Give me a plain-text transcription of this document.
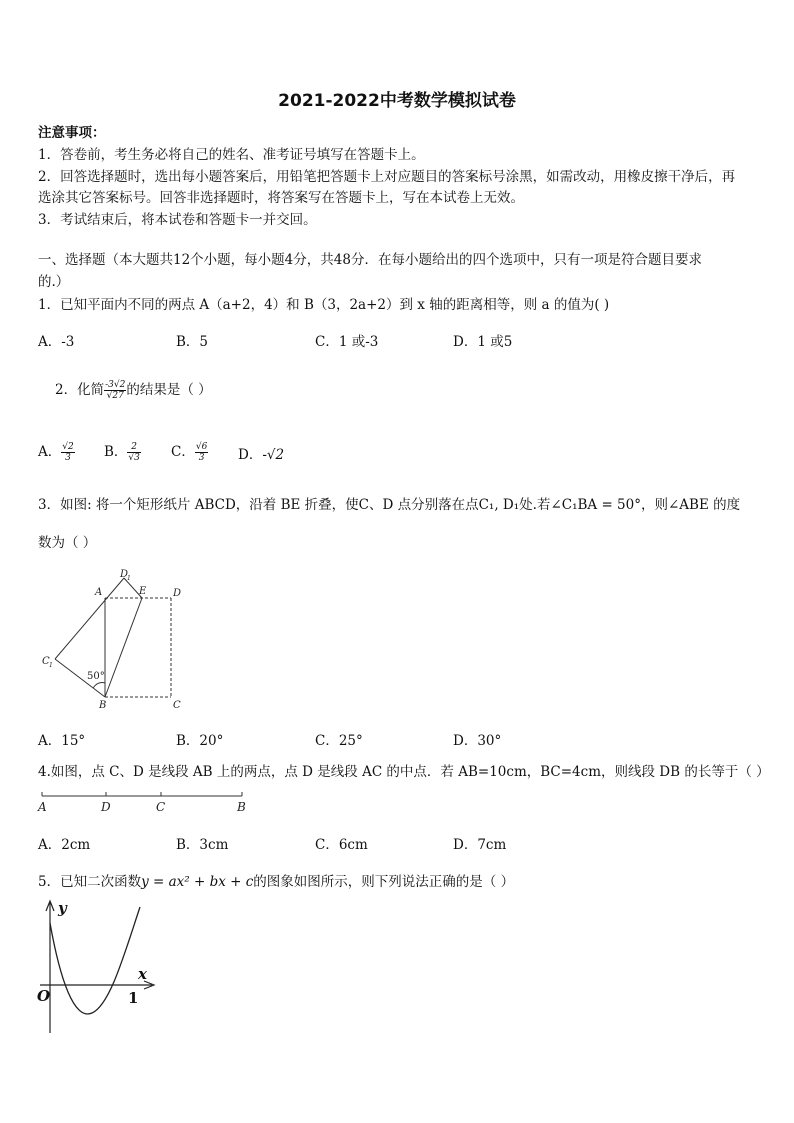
2021-2022中考数学模拟试卷
注意事项：
1．答卷前，考生务必将自己的姓名、准考证号填写在答题卡上。
2．回答选择题时，选出每小题答案后，用铅笔把答题卡上对应题目的答案标号涂黑，如需改动，用橡皮擦干净后，再
选涂其它答案标号。回答非选择题时，将答案写在答题卡上，写在本试卷上无效。
3．考试结束后，将本试卷和答题卡一并交回。
一、选择题（本大题共12个小题，每小题4分，共48分．在每小题给出的四个选项中，只有一项是符合题目要求
的.）
1．已知平面内不同的两点 A（a+2，4）和 B（3，2a+2）到 x 轴的距离相等，则 a 的值为( )
A．-3	B．5	C．1 或-3	D．1 或5
2．化简 $\frac{-3√2}{√27}$ 的结果是（ ）
A． $\frac{√2}{3}$ B． $\frac{2}{√3}$ C． $\frac{√6}{3}$ D．-√2
3．如图: 将一个矩形纸片 ABCD，沿着 BE 折叠，使C、D 点分别落在点C₁, D₁处.若∠C₁BA = 50°，则∠ABE 的度
数为（ ）
A
B	C
D
E
C 1
D
1
50°
A．15°	B．20°	C．25°	D．30°
4.如图，点 C、D 是线段 AB 上的两点，点 D 是线段 AC 的中点．若 AB=10cm，BC=4cm，则线段 DB 的长等于（ ）
A	D	C	B
A．2cm	B．3cm	C．6cm	D．7cm
5．已知二次函数y = ax² + bx + c的图象如图所示，则下列说法正确的是（ ）
y
x
O	1
